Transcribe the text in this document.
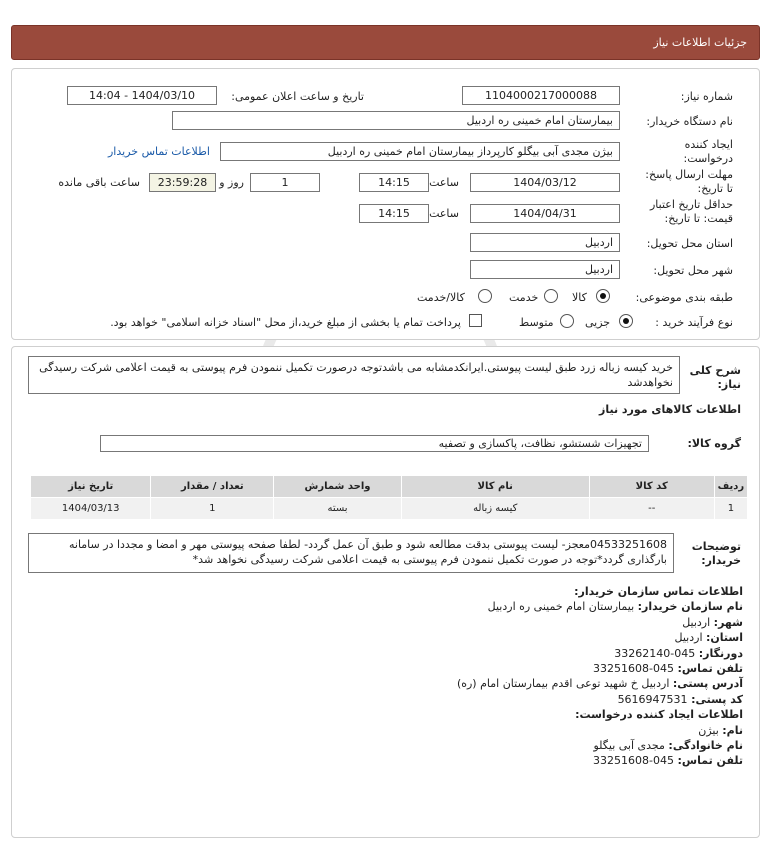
جزئیات اطلاعات نیاز
شماره نیاز:
1104000217000088
تاریخ و ساعت اعلان عمومی:
1404/03/10 - 14:04
نام دستگاه خریدار:
بیمارستان امام خمینی ره اردبیل
ایجاد کننده درخواست:
بیژن مجدی آبی بیگلو کارپرداز بیمارستان امام خمینی ره اردبیل
اطلاعات تماس خریدار
مهلت ارسال پاسخ: تا تاریخ:
1404/03/12
ساعت
14:15
1
روز و
23:59:28
ساعت باقی مانده
حداقل تاریخ اعتبار قیمت: تا تاریخ:
1404/04/31
ساعت
14:15
استان محل تحویل:
اردبیل
شهر محل تحویل:
اردبیل
طبقه بندی موضوعی:
کالا
خدمت
کالا/خدمت
نوع فرآیند خرید :
جزیی
متوسط
پرداخت تمام یا بخشی از مبلغ خرید،از محل "اسناد خزانه اسلامی" خواهد بود.
شرح کلی نیاز:
خرید کیسه زباله زرد طبق لیست پیوستی.ایرانکدمشابه می باشدتوجه درصورت تکمیل ننمودن فرم پیوستی به قیمت اعلامی شرکت رسیدگی نخواهدشد
اطلاعات کالاهای مورد نیاز
گروه کالا:
تجهیزات شستشو، نظافت، پاکسازی و تصفیه
ردیف	کد کالا	نام کالا	واحد شمارش	تعداد / مقدار	تاریخ نیاز
1	--	کیسه زباله	بسته	1	1404/03/13
توضیحات خریدار:
04533251608معجز- لیست پیوستی بدقت مطالعه شود و طبق آن عمل گردد- لطفا صفحه پیوستی مهر و امضا و مجددا در سامانه بارگذاری گردد*توجه در صورت تکمیل ننمودن فرم پیوستی به قیمت اعلامی شرکت رسیدگی نخواهد شد*
اطلاعات تماس سازمان خریدار:
نام سازمان خریدار: بیمارستان امام خمینی ره اردبیل
شهر: اردبیل
استان: اردبیل
دورنگار: 045-33262140
تلفن تماس: 045-33251608
آدرس پستی: اردبیل خ شهید توعی اقدم بیمارستان امام (ره)
کد پستی: 5616947531
اطلاعات ایجاد کننده درخواست:
نام: بیژن
نام خانوادگی: مجدی آبی بیگلو
تلفن تماس: 045-33251608
